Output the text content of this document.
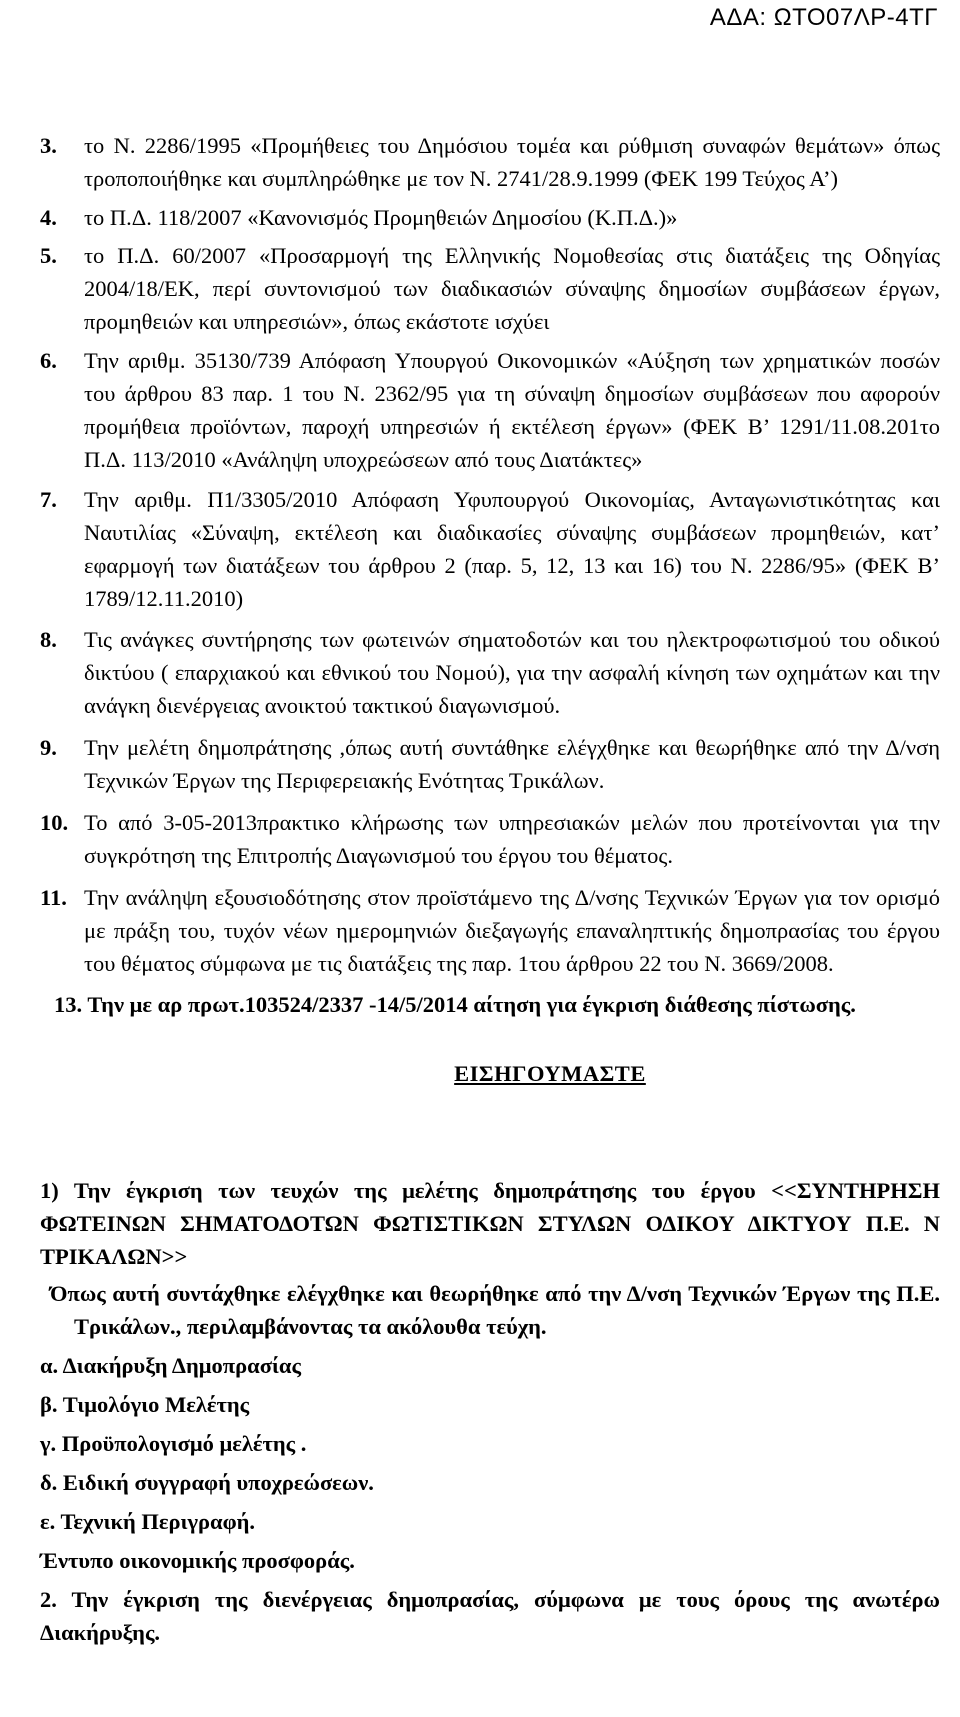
ΑΔΑ: ΩΤΟ07ΛΡ-4ΤΓ
3. το Ν. 2286/1995 «Προμήθειες του Δημόσιου τομέα και ρύθμιση συναφών θεμάτων» όπως τροποποιήθηκε και συμπληρώθηκε με τον Ν. 2741/28.9.1999 (ΦΕΚ 199 Τεύχος Α’)
4. το Π.Δ. 118/2007 «Κανονισμός Προμηθειών Δημοσίου (Κ.Π.Δ.)»
5. το Π.Δ. 60/2007 «Προσαρμογή της Ελληνικής Νομοθεσίας στις διατάξεις της Οδηγίας 2004/18/ΕΚ, περί συντονισμού των διαδικασιών σύναψης δημοσίων συμβάσεων έργων, προμηθειών και υπηρεσιών», όπως εκάστοτε ισχύει
6. Την αριθμ. 35130/739 Απόφαση Υπουργού Οικονομικών «Αύξηση των χρηματικών ποσών του άρθρου 83 παρ. 1 του Ν. 2362/95 για τη σύναψη δημοσίων συμβάσεων που αφορούν προμήθεια προϊόντων, παροχή υπηρεσιών ή εκτέλεση έργων» (ΦΕΚ Β’ 1291/11.08.201το Π.Δ. 113/2010 «Ανάληψη υποχρεώσεων από τους Διατάκτες»
7. Την αριθμ. Π1/3305/2010 Απόφαση Υφυπουργού Οικονομίας, Ανταγωνιστικότητας και Ναυτιλίας «Σύναψη, εκτέλεση και διαδικασίες σύναψης συμβάσεων προμηθειών, κατ’ εφαρμογή των διατάξεων του άρθρου 2 (παρ. 5, 12, 13 και 16) του Ν. 2286/95» (ΦΕΚ Β’ 1789/12.11.2010)
8. Τις ανάγκες συντήρησης των φωτεινών σηματοδοτών και του ηλεκτροφωτισμού του οδικού δικτύου ( επαρχιακού και εθνικού του Νομού), για την ασφαλή κίνηση των οχημάτων και την ανάγκη διενέργειας ανοικτού τακτικού διαγωνισμού.
9. Την μελέτη δημοπράτησης ,όπως αυτή συντάθηκε ελέγχθηκε και θεωρήθηκε από την Δ/νση Τεχνικών Έργων της Περιφερειακής Ενότητας Τρικάλων.
10. Το από 3-05-2013πρακτικο κλήρωσης των υπηρεσιακών μελών που προτείνονται για την συγκρότηση της Επιτροπής Διαγωνισμού του έργου του θέματος.
11. Την ανάληψη εξουσιοδότησης στον προϊστάμενο της Δ/νσης Τεχνικών Έργων για τον ορισμό με πράξη του, τυχόν νέων ημερομηνιών διεξαγωγής επαναληπτικής δημοπρασίας του έργου του θέματος σύμφωνα με τις διατάξεις της παρ. 1του άρθρου 22 του Ν. 3669/2008.
13. Την με αρ πρωτ.103524/2337 -14/5/2014 αίτηση για έγκριση διάθεσης πίστωσης.
ΕΙΣΗΓΟΥΜΑΣΤΕ
1) Την έγκριση των τευχών της μελέτης δημοπράτησης του έργου <<ΣΥΝΤΗΡΗΣΗ ΦΩΤΕΙΝΩΝ ΣΗΜΑΤΟΔΟΤΩΝ ΦΩΤΙΣΤΙΚΩΝ ΣΤΥΛΩΝ ΟΔΙΚΟΥ ΔΙΚΤΥΟΥ Π.Ε. Ν ΤΡΙΚΑΛΩΝ>>
Όπως αυτή συντάχθηκε ελέγχθηκε και θεωρήθηκε από την Δ/νση Τεχνικών Έργων της Π.Ε. Τρικάλων., περιλαμβάνοντας τα ακόλουθα τεύχη.
α. Διακήρυξη Δημοπρασίας
β. Τιμολόγιο Μελέτης
γ. Προϋπολογισμό μελέτης .
δ. Ειδική συγγραφή υποχρεώσεων.
ε. Τεχνική Περιγραφή.
Έντυπο οικονομικής προσφοράς.
2. Την έγκριση της διενέργειας δημοπρασίας, σύμφωνα με τους όρους της ανωτέρω Διακήρυξης.
